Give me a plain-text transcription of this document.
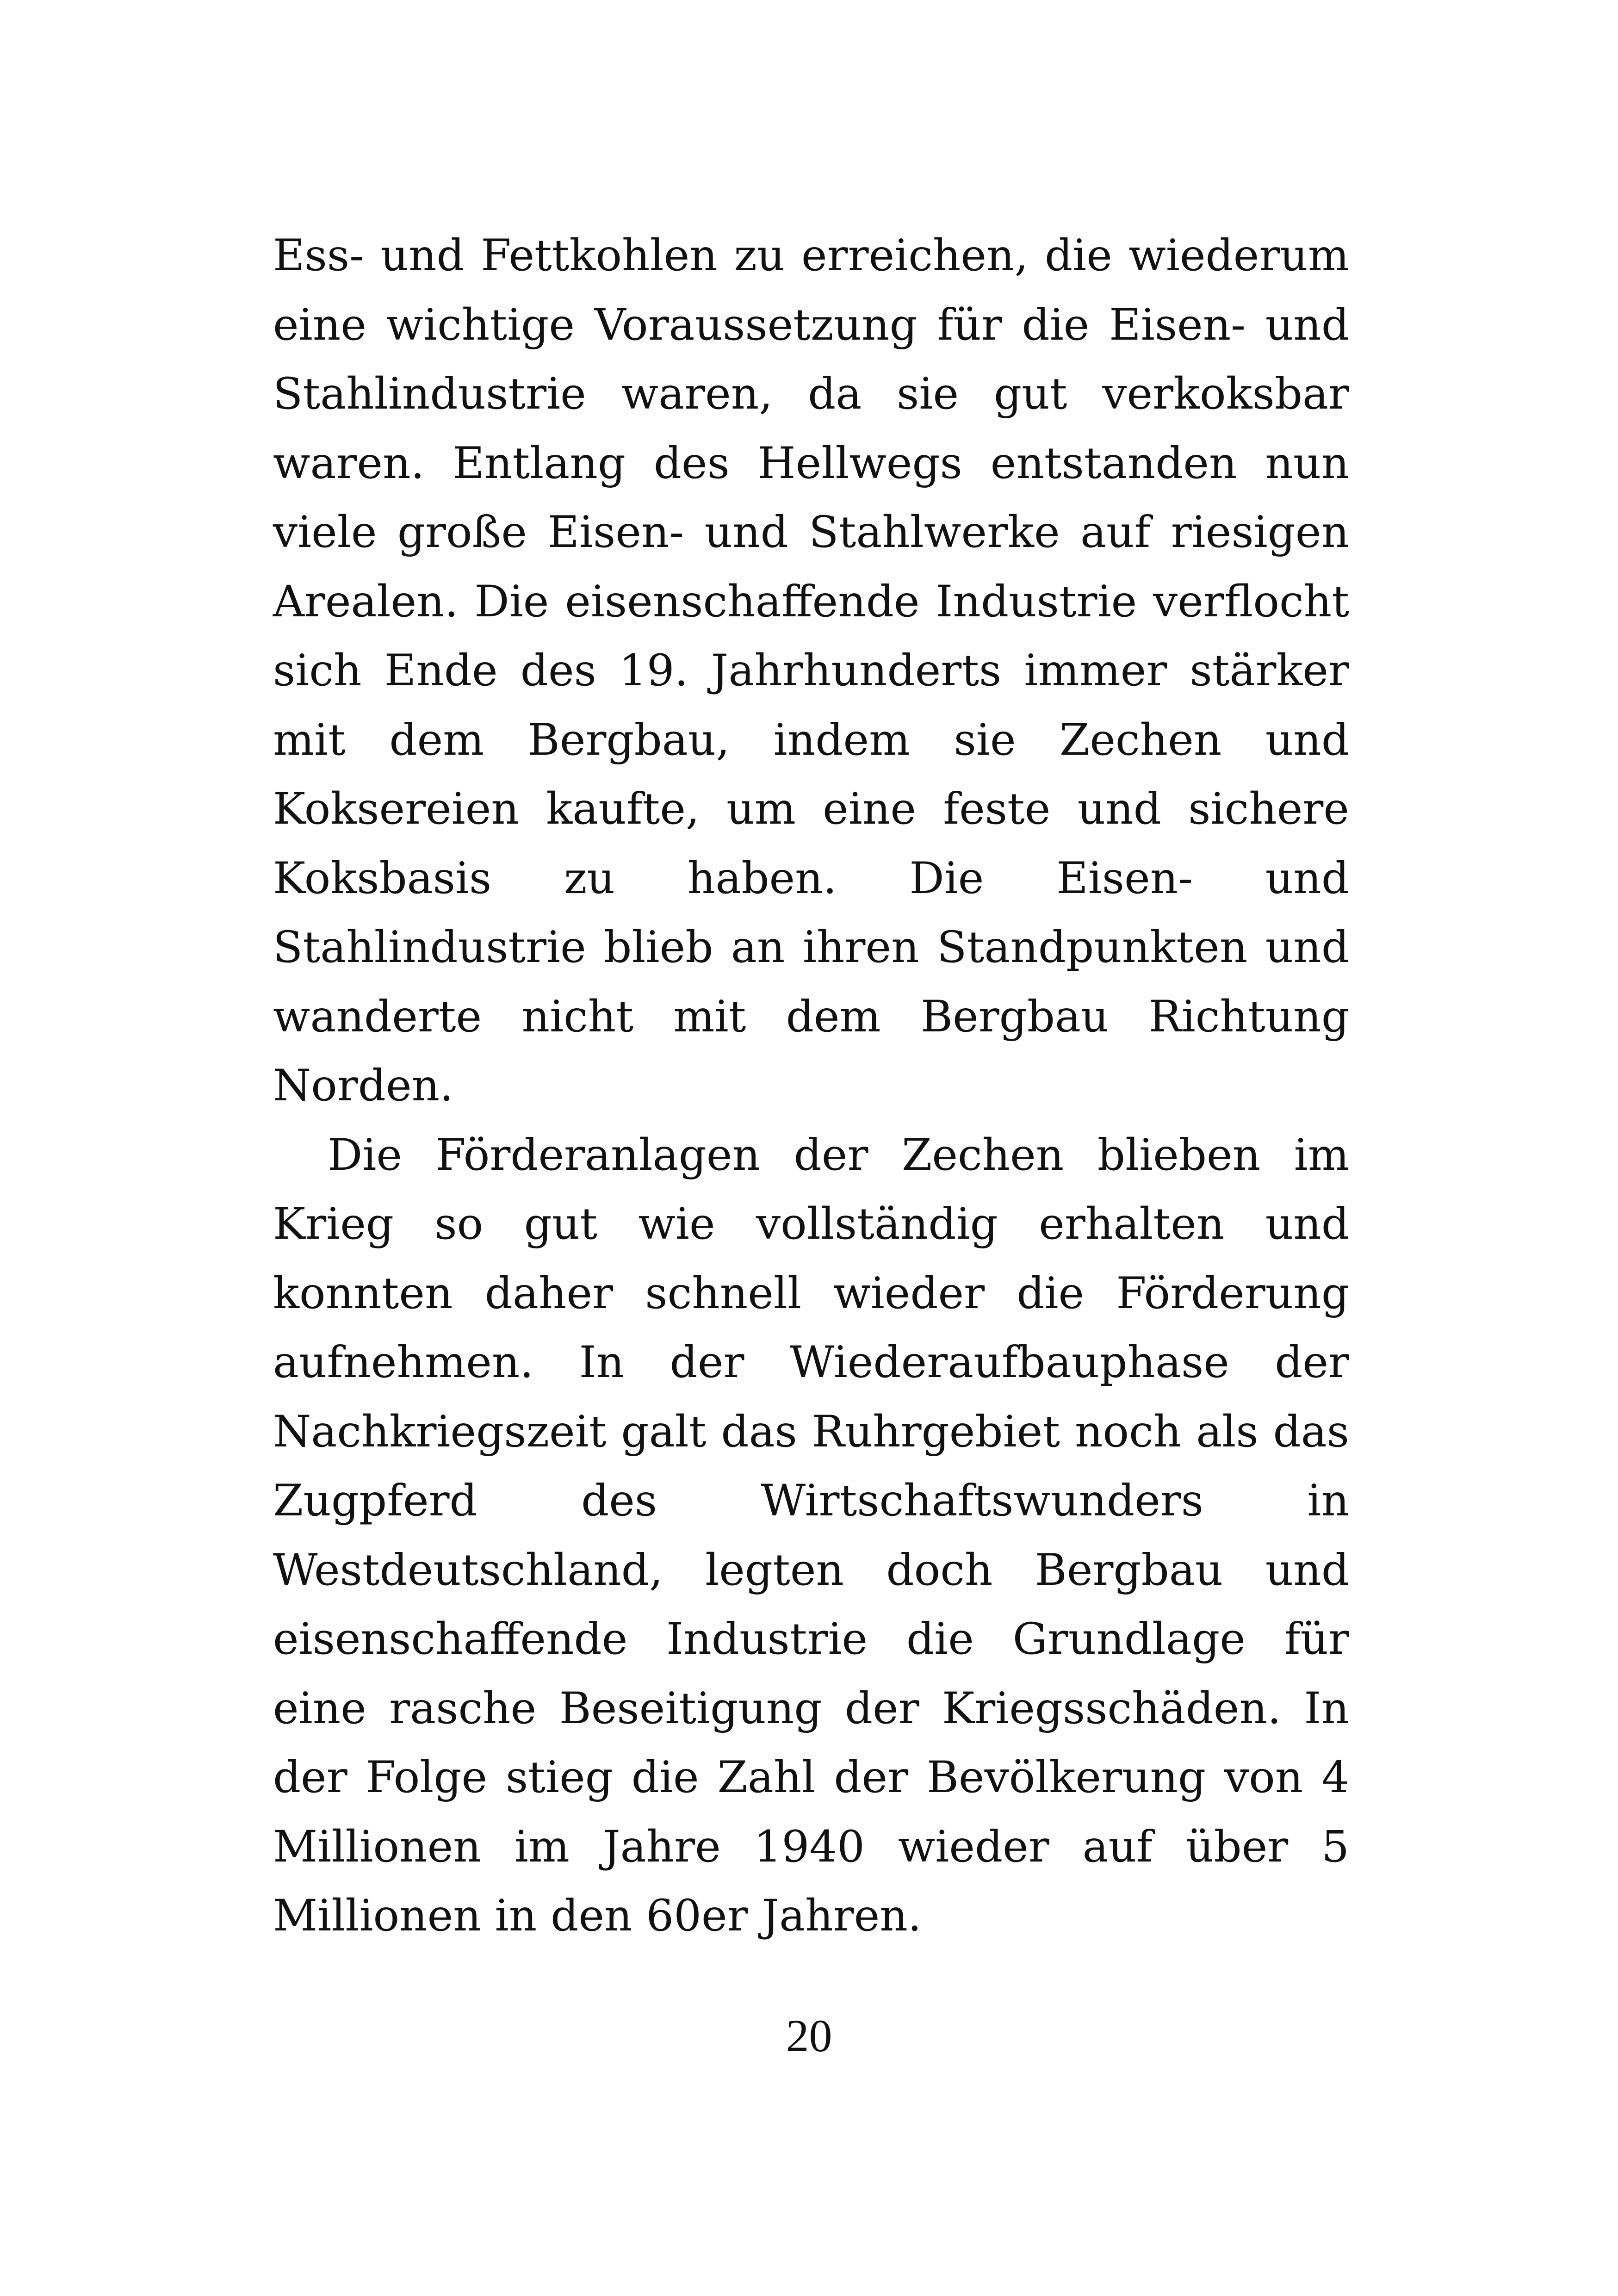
Ess- und Fettkohlen zu erreichen, die wiederum eine wichtige Voraussetzung für die Eisen- und Stahlindustrie waren, da sie gut verkoksbar waren. Entlang des Hellwegs entstanden nun viele große Eisen- und Stahlwerke auf riesigen Arealen. Die eisenschaffende Industrie verflocht sich Ende des 19. Jahrhunderts immer stärker mit dem Bergbau, indem sie Zechen und Koksereien kaufte, um eine feste und sichere Koksbasis zu haben. Die Eisen- und Stahlindustrie blieb an ihren Standpunkten und wanderte nicht mit dem Bergbau Richtung Norden.

Die Förderanlagen der Zechen blieben im Krieg so gut wie vollständig erhalten und konnten daher schnell wieder die Förderung aufnehmen. In der Wiederaufbauphase der Nachkriegszeit galt das Ruhrgebiet noch als das Zugpferd des Wirtschaftswunders in Westdeutschland, legten doch Bergbau und eisenschaffende Industrie die Grundlage für eine rasche Beseitigung der Kriegsschäden. In der Folge stieg die Zahl der Bevölkerung von 4 Millionen im Jahre 1940 wieder auf über 5 Millionen in den 60er Jahren.

20
